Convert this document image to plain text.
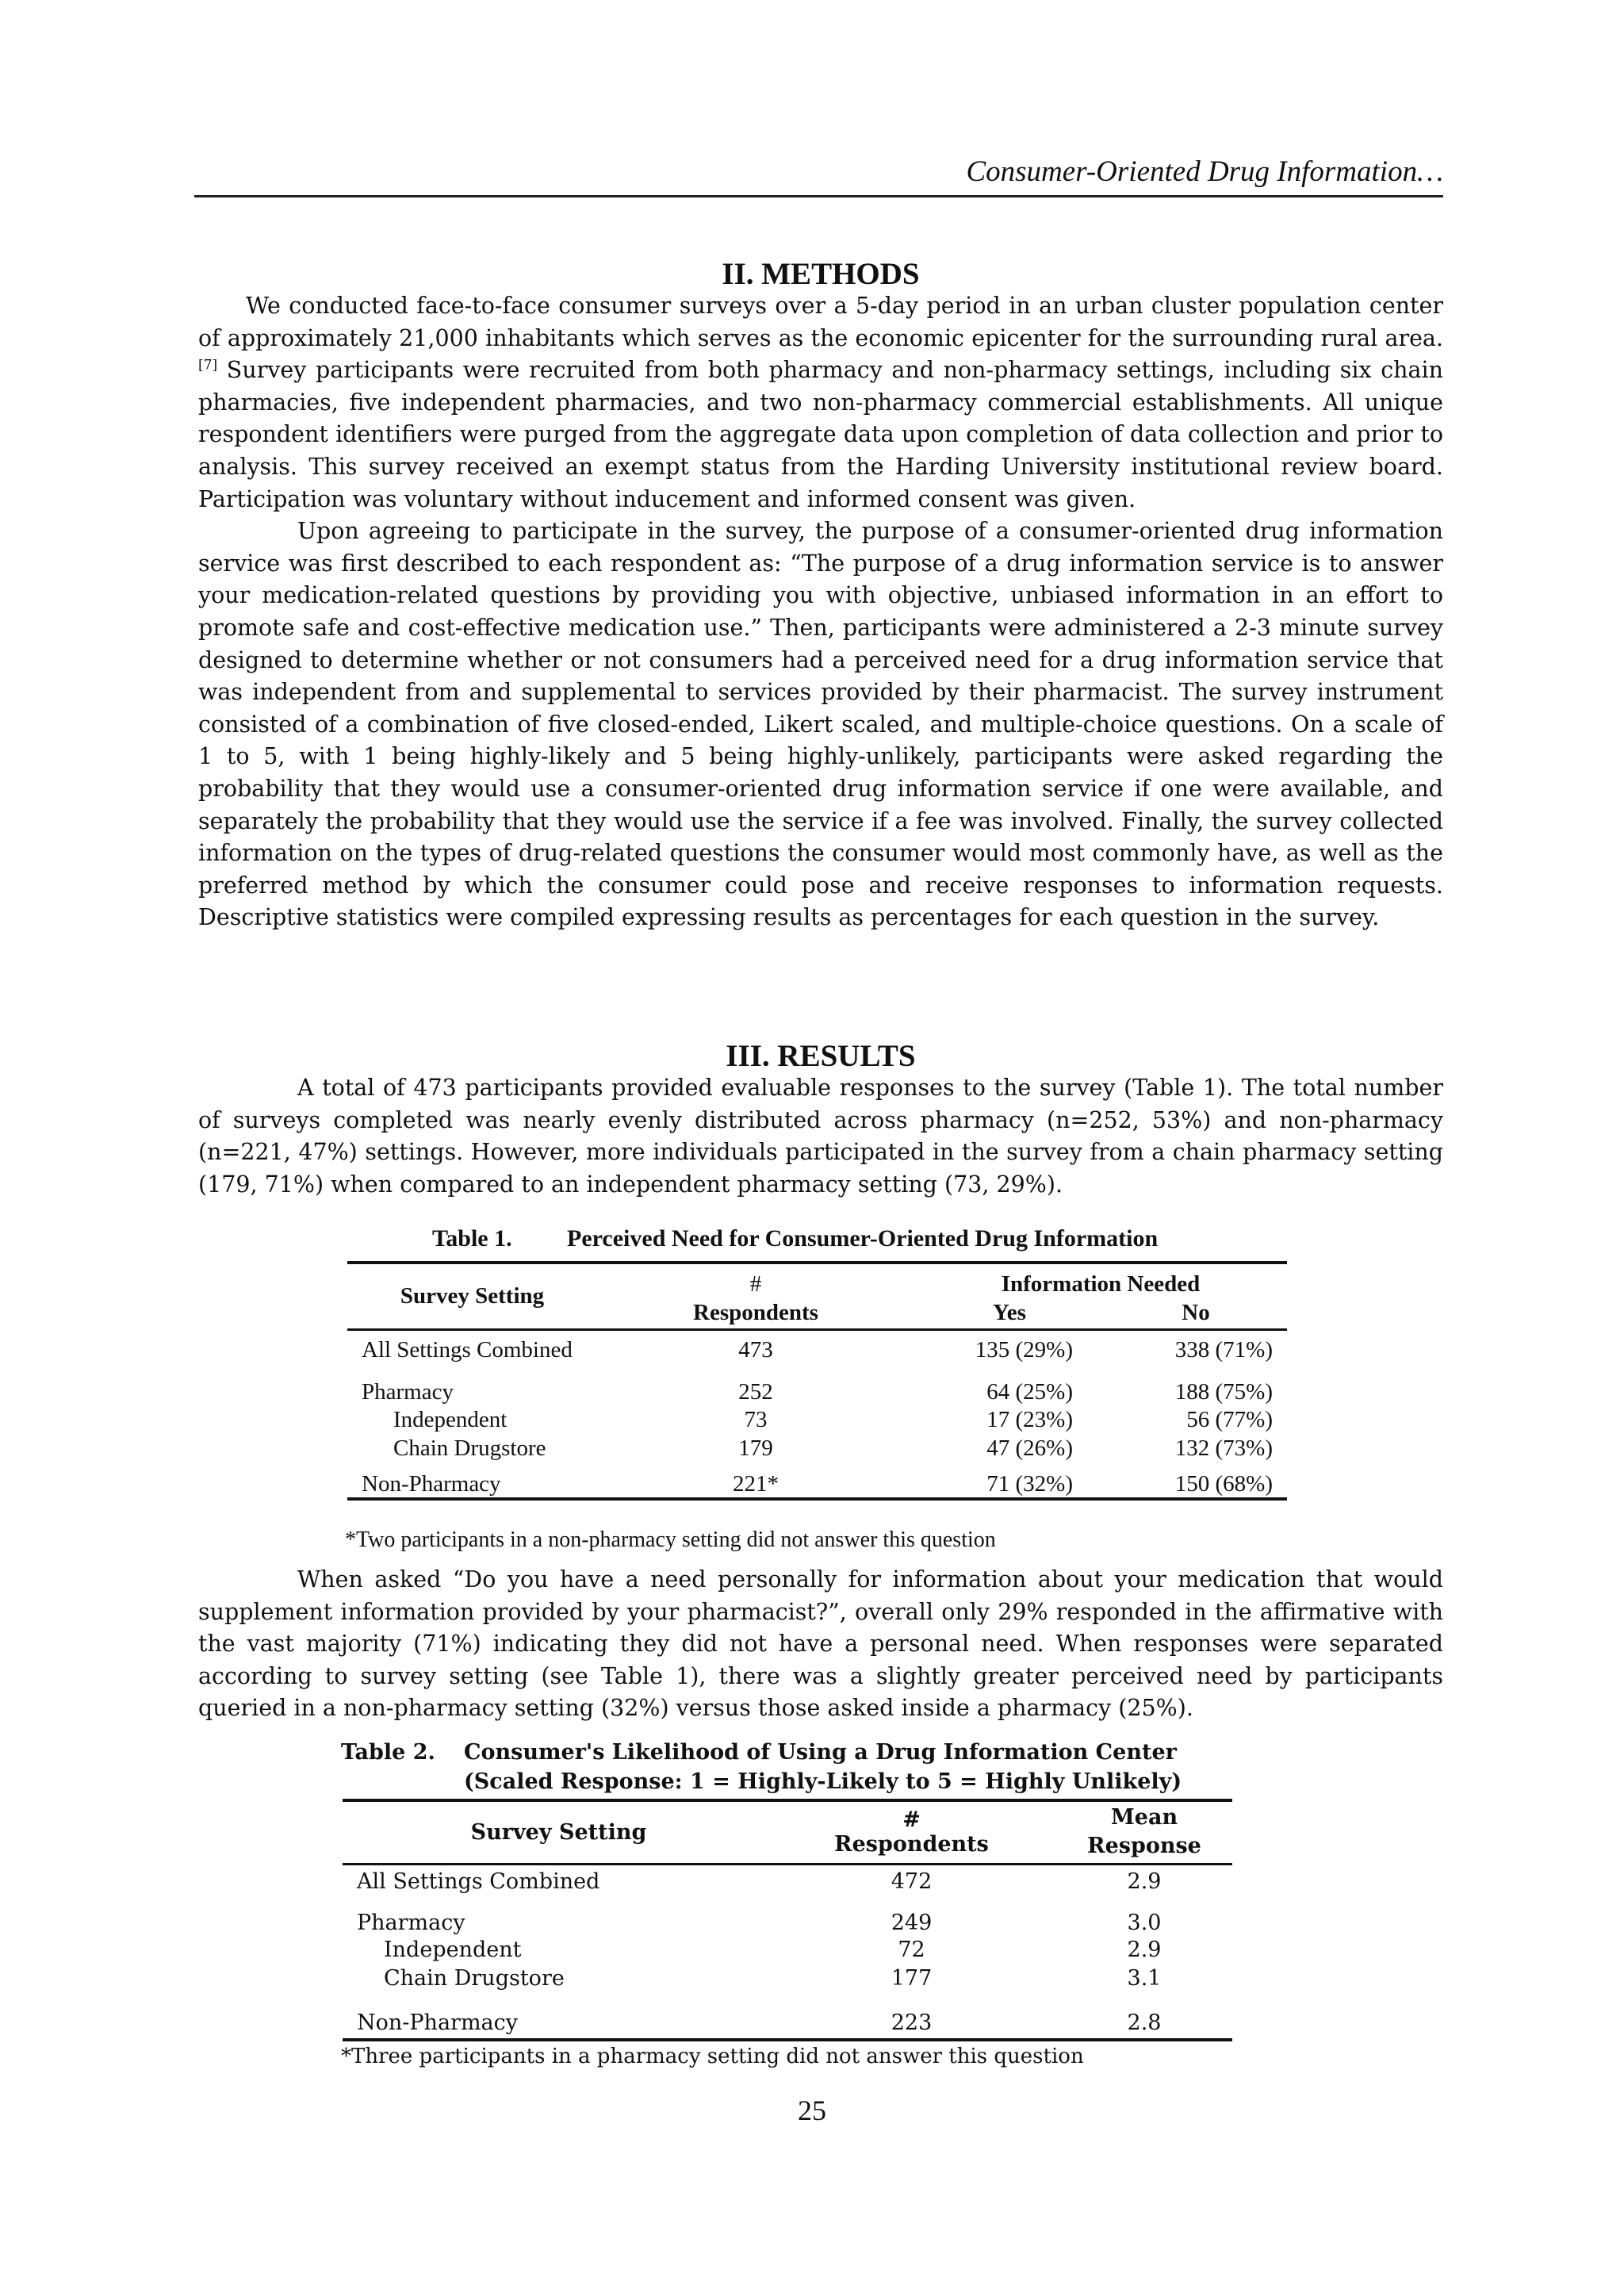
Consumer-Oriented Drug Information…
II. METHODS

We conducted face-to-face consumer surveys over a 5-day period in an urban cluster population center of approximately 21,000 inhabitants which serves as the economic epicenter for the surrounding rural area.[7] Survey participants were recruited from both pharmacy and non-pharmacy settings, including six chain pharmacies, five independent pharmacies, and two non-pharmacy commercial establishments. All unique respondent identifiers were purged from the aggregate data upon completion of data collection and prior to analysis. This survey received an exempt status from the Harding University institutional review board. Participation was voluntary without inducement and informed consent was given.

Upon agreeing to participate in the survey, the purpose of a consumer-oriented drug information service was first described to each respondent as: “The purpose of a drug information service is to answer your medication-related questions by providing you with objective, unbiased information in an effort to promote safe and cost-effective medication use.” Then, participants were administered a 2-3 minute survey designed to determine whether or not consumers had a perceived need for a drug information service that was independent from and supplemental to services provided by their pharmacist. The survey instrument consisted of a combination of five closed-ended, Likert scaled, and multiple-choice questions. On a scale of 1 to 5, with 1 being highly-likely and 5 being highly-unlikely, participants were asked regarding the probability that they would use a consumer-oriented drug information service if one were available, and separately the probability that they would use the service if a fee was involved. Finally, the survey collected information on the types of drug-related questions the consumer would most commonly have, as well as the preferred method by which the consumer could pose and receive responses to information requests. Descriptive statistics were compiled expressing results as percentages for each question in the survey.

III. RESULTS

A total of 473 participants provided evaluable responses to the survey (Table 1). The total number of surveys completed was nearly evenly distributed across pharmacy (n=252, 53%) and non-pharmacy (n=221, 47%) settings. However, more individuals participated in the survey from a chain pharmacy setting (179, 71%) when compared to an independent pharmacy setting (73, 29%).

Table 1. Perceived Need for Consumer-Oriented Drug Information
Survey Setting	#	Information Needed	
	Respondents	Yes	No
All Settings Combined	473	135 (29%)	338 (71%)

Pharmacy	252	64 (25%)	188 (75%)
Independent	73	17 (23%)	56 (77%)
Chain Drugstore	179	47 (26%)	132 (73%)
Non-Pharmacy	221*	71 (32%)	150 (68%)
*Two participants in a non-pharmacy setting did not answer this question

When asked “Do you have a need personally for information about your medication that would supplement information provided by your pharmacist?”, overall only 29% responded in the affirmative with the vast majority (71%) indicating they did not have a personal need. When responses were separated according to survey setting (see Table 1), there was a slightly greater perceived need by participants queried in a non-pharmacy setting (32%) versus those asked inside a pharmacy (25%).

Table 2. Consumer's Likelihood of Using a Drug Information Center
(Scaled Response: 1 = Highly-Likely to 5 = Highly Unlikely)
Survey Setting	# Respondents	Mean
Response

All Settings Combined	472	2.9
Pharmacy	249	3.0
Independent	72	2.9
Chain Drugstore	177	3.1
Non-Pharmacy	223	2.8
*Three participants in a pharmacy setting did not answer this question
25
